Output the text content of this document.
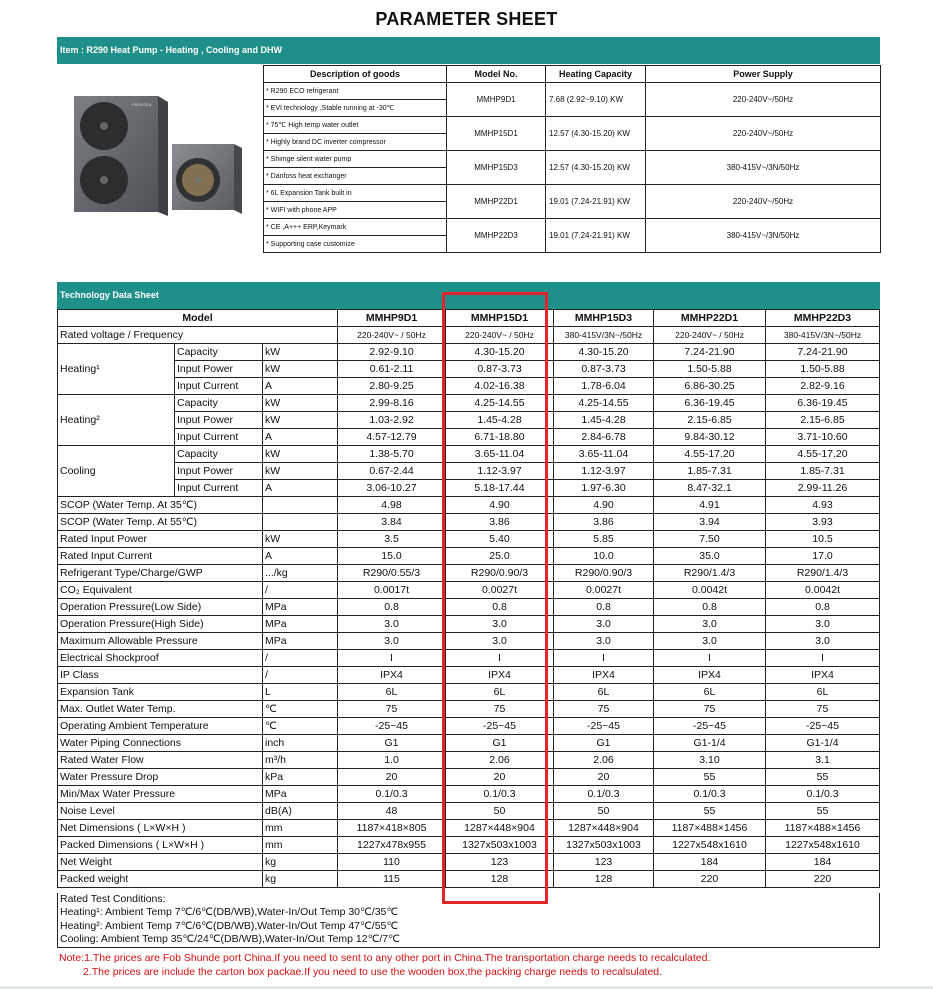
PARAMETER SHEET
Item : R290 Heat Pump - Heating , Cooling and DHW
PROCOOL
Description of goods	Model No.	Heating Capacity	Power Supply
* R290 ECO refrigerant	MMHP9D1	7.68 (2.92~9.10) KW	220-240V~/50Hz
* EVI technology ,Stable running at -30℃			
* 75℃ High temp water outlet	MMHP15D1	12.57 (4.30-15.20) KW	220-240V~/50Hz
* Highly brand DC inverter compressor			
* Shimge silent water pump	MMHP15D3	12.57 (4.30-15.20) KW	380-415V~/3N/50Hz
* Danfoss heat exchanger			
* 6L Expansion Tank built in	MMHP22D1	19.01 (7.24-21.91) KW	220-240V~/50Hz
* WIFI with phone APP			
* CE ,A+++ ERP,Keymark	MMHP22D3	19.01 (7.24-21.91) KW	380-415V~/3N/50Hz
* Supporting case customize			
Technology Data Sheet
Model			MMHP9D1	MMHP15D1	MMHP15D3	MMHP22D1	MMHP22D3
Rated voltage / Frequency			220-240V~ / 50Hz	220-240V~ / 50Hz	380-415V/3N~/50Hz	220-240V~ / 50Hz	380-415V/3N~/50Hz
Heating¹	Capacity	kW	2.92-9.10	4.30-15.20	4.30-15.20	7.24-21.90	7.24-21.90
	Input Power	kW	0.61-2.11	0.87-3.73	0.87-3.73	1.50-5.88	1.50-5.88
	Input Current	A	2.80-9.25	4.02-16.38	1.78-6.04	6.86-30.25	2.82-9.16
Heating²	Capacity	kW	2.99-8.16	4.25-14.55	4.25-14.55	6.36-19.45	6.36-19.45
	Input Power	kW	1.03-2.92	1.45-4.28	1.45-4.28	2.15-6.85	2.15-6.85
	Input Current	A	4.57-12.79	6.71-18.80	2.84-6.78	9.84-30.12	3.71-10.60
Cooling	Capacity	kW	1.38-5.70	3.65-11.04	3.65-11.04	4.55-17.20	4.55-17.20
	Input Power	kW	0.67-2.44	1.12-3.97	1.12-3.97	1.85-7.31	1.85-7.31
	Input Current	A	3.06-10.27	5.18-17.44	1.97-6.30	8.47-32.1	2.99-11.26
SCOP (Water Temp. At 35℃)			4.98	4.90	4.90	4.91	4.93
SCOP (Water Temp. At 55℃)			3.84	3.86	3.86	3.94	3.93
Rated Input Power		kW	3.5	5.40	5.85	7.50	10.5
Rated Input Current		A	15.0	25.0	10.0	35.0	17.0
Refrigerant Type/Charge/GWP		.../kg	R290/0.55/3	R290/0.90/3	R290/0.90/3	R290/1.4/3	R290/1.4/3
CO₂ Equivalent		/	0.0017t	0.0027t	0.0027t	0.0042t	0.0042t
Operation Pressure(Low Side)		MPa	0.8	0.8	0.8	0.8	0.8
Operation Pressure(High Side)		MPa	3.0	3.0	3.0	3.0	3.0
Maximum Allowable Pressure		MPa	3.0	3.0	3.0	3.0	3.0
Electrical Shockproof		/	I	I	I	I	I
IP Class		/	IPX4	IPX4	IPX4	IPX4	IPX4
Expansion Tank		L	6L	6L	6L	6L	6L
Max. Outlet Water Temp.		℃	75	75	75	75	75
Operating Ambient Temperature		℃	-25~45	-25~45	-25~45	-25~45	-25~45
Water Piping Connections		inch	G1	G1	G1	G1-1/4	G1-1/4
Rated Water Flow		m³/h	1.0	2.06	2.06	3.10	3.1
Water Pressure Drop		kPa	20	20	20	55	55
Min/Max Water Pressure		MPa	0.1/0.3	0.1/0.3	0.1/0.3	0.1/0.3	0.1/0.3
Noise Level		dB(A)	48	50	50	55	55
Net Dimensions ( L×W×H )		mm	1187×418×805	1287×448×904	1287×448×904	1187×488×1456	1187×488×1456
Packed Dimensions ( L×W×H )		mm	1227x478x955	1327x503x1003	1327x503x1003	1227x548x1610	1227x548x1610
Net Weight		kg	110	123	123	184	184
Packed weight		kg	115	128	128	220	220
Rated Test Conditions:
Heating¹: Ambient Temp 7℃/6℃(DB/WB),Water-In/Out Temp 30℃/35℃
Heating²: Ambient Temp 7℃/6℃(DB/WB),Water-In/Out Temp 47℃/55℃
Cooling: Ambient Temp 35℃/24℃(DB/WB),Water-In/Out Temp 12℃/7℃
Note:1.The prices are Fob Shunde port China.If you need to sent to any other port in China.The transportation charge needs to recalculated.
2.The prices are include the carton box packae.If you need to use the wooden box,the packing charge needs to recalsulated.
